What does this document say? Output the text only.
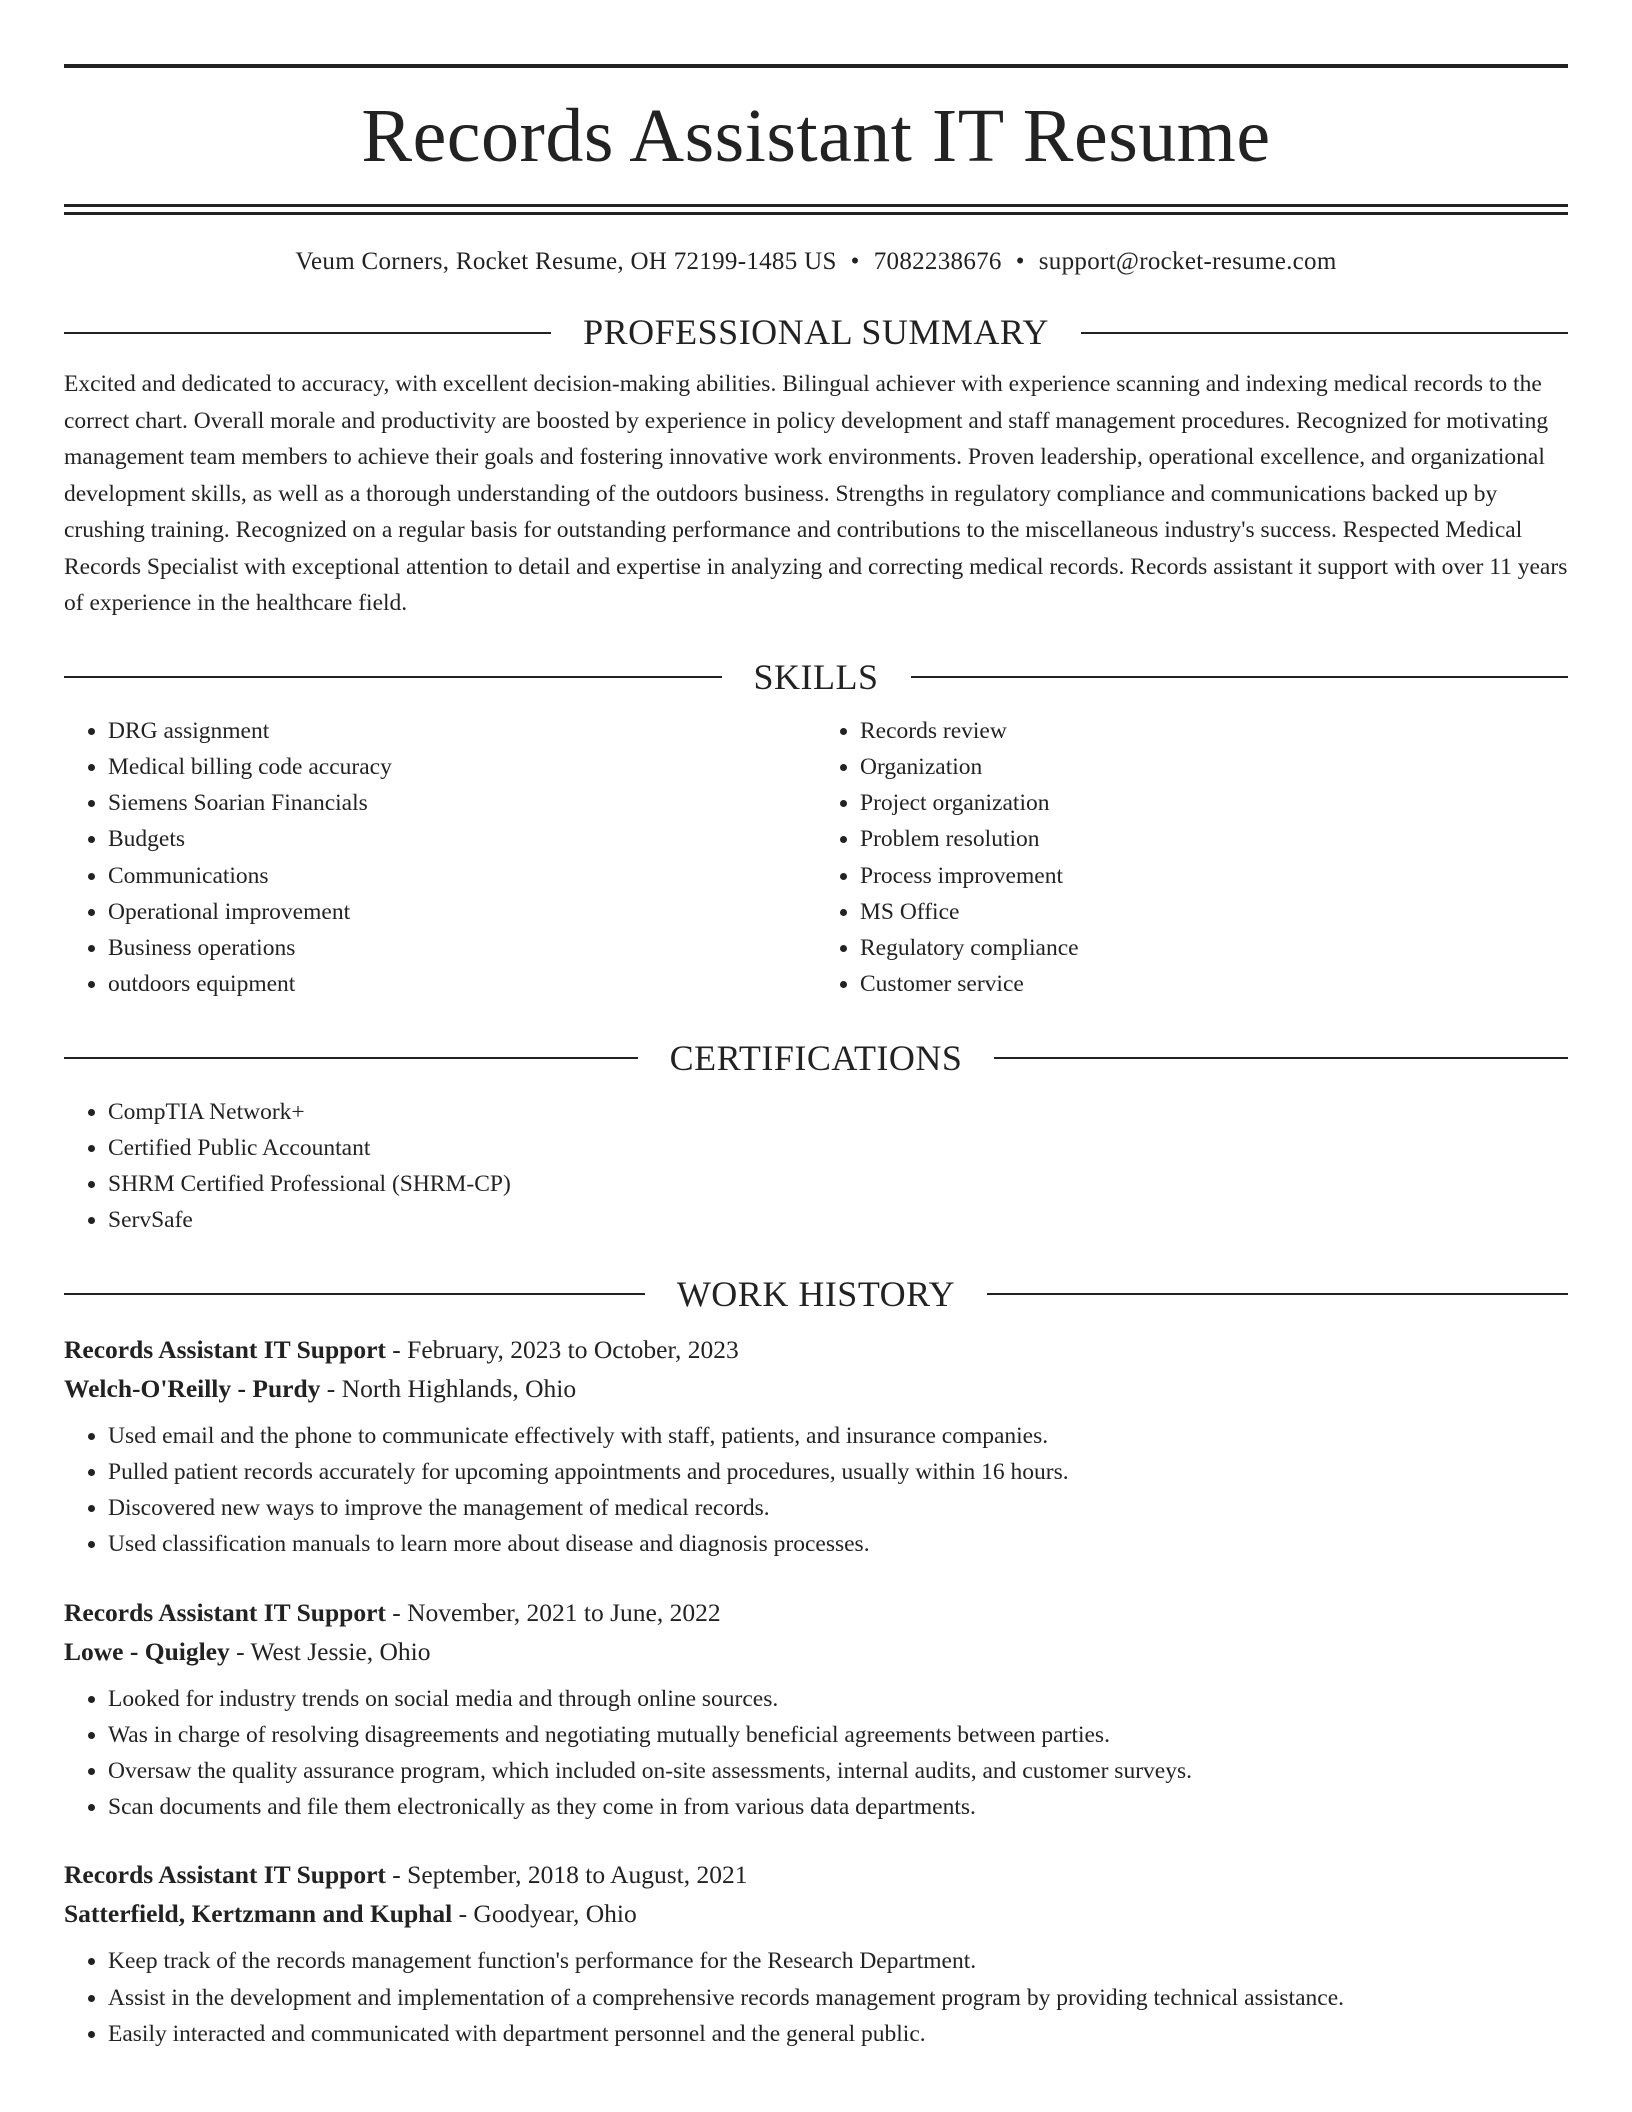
Records Assistant IT Resume
Veum Corners, Rocket Resume, OH 72199-1485 US • 7082238676 • support@rocket-resume.com
PROFESSIONAL SUMMARY

Excited and dedicated to accuracy, with excellent decision-making abilities. Bilingual achiever with experience scanning and indexing medical records to the correct chart. Overall morale and productivity are boosted by experience in policy development and staff management procedures. Recognized for motivating management team members to achieve their goals and fostering innovative work environments. Proven leadership, operational excellence, and organizational development skills, as well as a thorough understanding of the outdoors business. Strengths in regulatory compliance and communications backed up by crushing training. Recognized on a regular basis for outstanding performance and contributions to the miscellaneous industry's success. Respected Medical Records Specialist with exceptional attention to detail and expertise in analyzing and correcting medical records. Records assistant it support with over 11 years of experience in the healthcare field.

SKILLS
• DRG assignment
• Medical billing code accuracy
• Siemens Soarian Financials
• Budgets
• Communications
• Operational improvement
• Business operations
• outdoors equipment
• Records review
• Organization
• Project organization
• Problem resolution
• Process improvement
• MS Office
• Regulatory compliance
• Customer service
CERTIFICATIONS
• CompTIA Network+
• Certified Public Accountant
• SHRM Certified Professional (SHRM-CP)
• ServSafe
WORK HISTORY
Records Assistant IT Support - February, 2023 to October, 2023
Welch-O'Reilly - Purdy - North Highlands, Ohio
• Used email and the phone to communicate effectively with staff, patients, and insurance companies.
• Pulled patient records accurately for upcoming appointments and procedures, usually within 16 hours.
• Discovered new ways to improve the management of medical records.
• Used classification manuals to learn more about disease and diagnosis processes.
Records Assistant IT Support - November, 2021 to June, 2022
Lowe - Quigley - West Jessie, Ohio
• Looked for industry trends on social media and through online sources.
• Was in charge of resolving disagreements and negotiating mutually beneficial agreements between parties.
• Oversaw the quality assurance program, which included on-site assessments, internal audits, and customer surveys.
• Scan documents and file them electronically as they come in from various data departments.
Records Assistant IT Support - September, 2018 to August, 2021
Satterfield, Kertzmann and Kuphal - Goodyear, Ohio
• Keep track of the records management function's performance for the Research Department.
• Assist in the development and implementation of a comprehensive records management program by providing technical assistance.
• Easily interacted and communicated with department personnel and the general public.
